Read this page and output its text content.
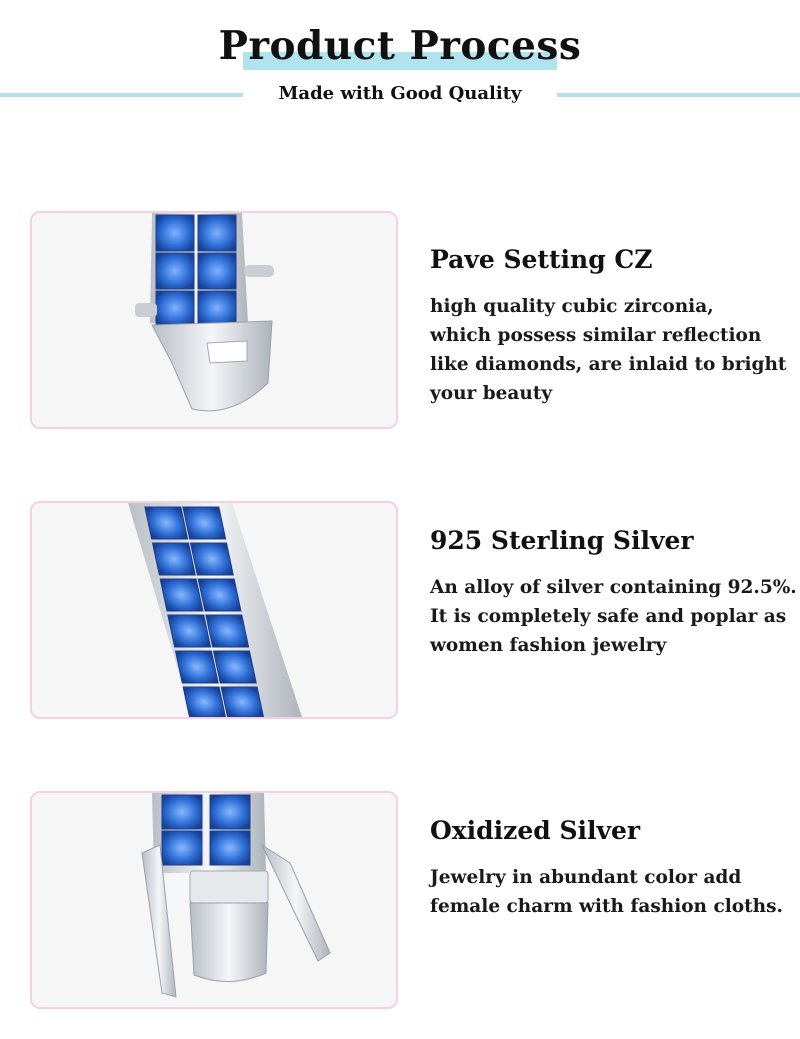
Product Process
Made with Good Quality
Pave Setting CZ
high quality cubic zirconia,
which possess similar reflection
like diamonds, are inlaid to bright
your beauty
925 Sterling Silver
An alloy of silver containing 92.5%.
It is completely safe and poplar as
women fashion jewelry
Oxidized Silver
Jewelry in abundant color add
female charm with fashion cloths.
